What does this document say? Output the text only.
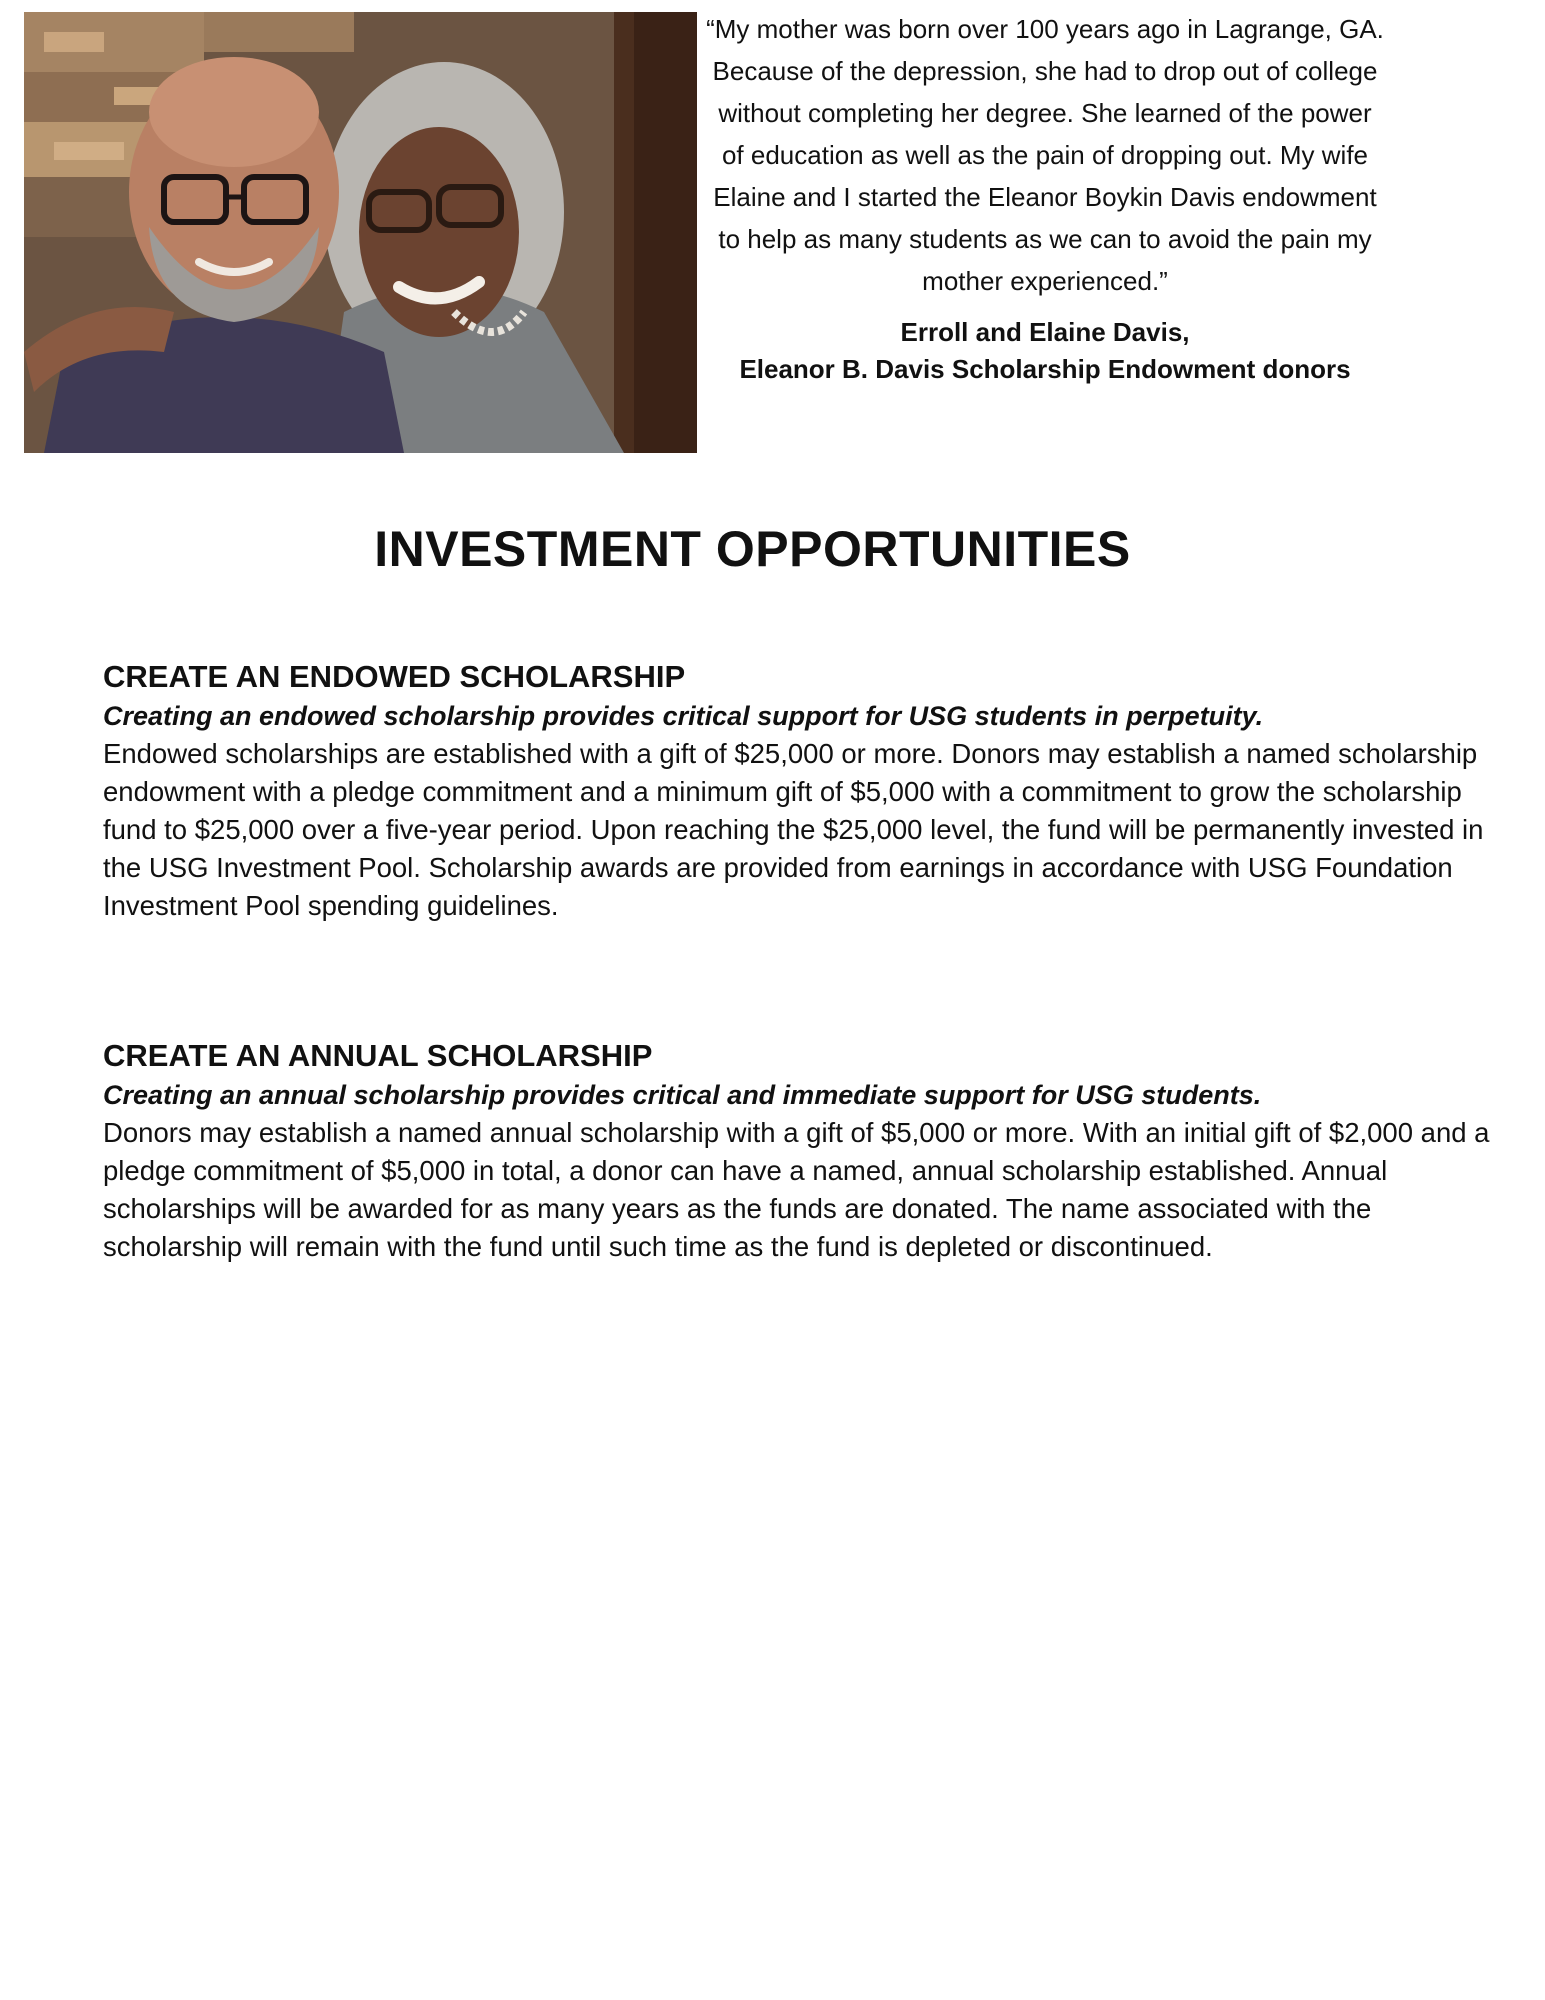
“My mother was born over 100 years ago in Lagrange, GA. Because of the depression, she had to drop out of college without completing her degree. She learned of the power of education as well as the pain of dropping out. My wife Elaine and I started the Eleanor Boykin Davis endowment to help as many students as we can to avoid the pain my mother experienced.”

Erroll and Elaine Davis,
Eleanor B. Davis Scholarship Endowment donors
INVESTMENT OPPORTUNITIES
CREATE AN ENDOWED SCHOLARSHIP

Creating an endowed scholarship provides critical support for USG students in perpetuity.

Endowed scholarships are established with a gift of $25,000 or more. Donors may establish a named scholarship endowment with a pledge commitment and a minimum gift of $5,000 with a commitment to grow the scholarship fund to $25,000 over a five-year period. Upon reaching the $25,000 level, the fund will be permanently invested in the USG Investment Pool. Scholarship awards are provided from earnings in accordance with USG Foundation Investment Pool spending guidelines.

CREATE AN ANNUAL SCHOLARSHIP

Creating an annual scholarship provides critical and immediate support for USG students.

Donors may establish a named annual scholarship with a gift of $5,000 or more. With an initial gift of $2,000 and a pledge commitment of $5,000 in total, a donor can have a named, annual scholarship established. Annual scholarships will be awarded for as many years as the funds are donated. The name associated with the scholarship will remain with the fund until such time as the fund is depleted or discontinued.
